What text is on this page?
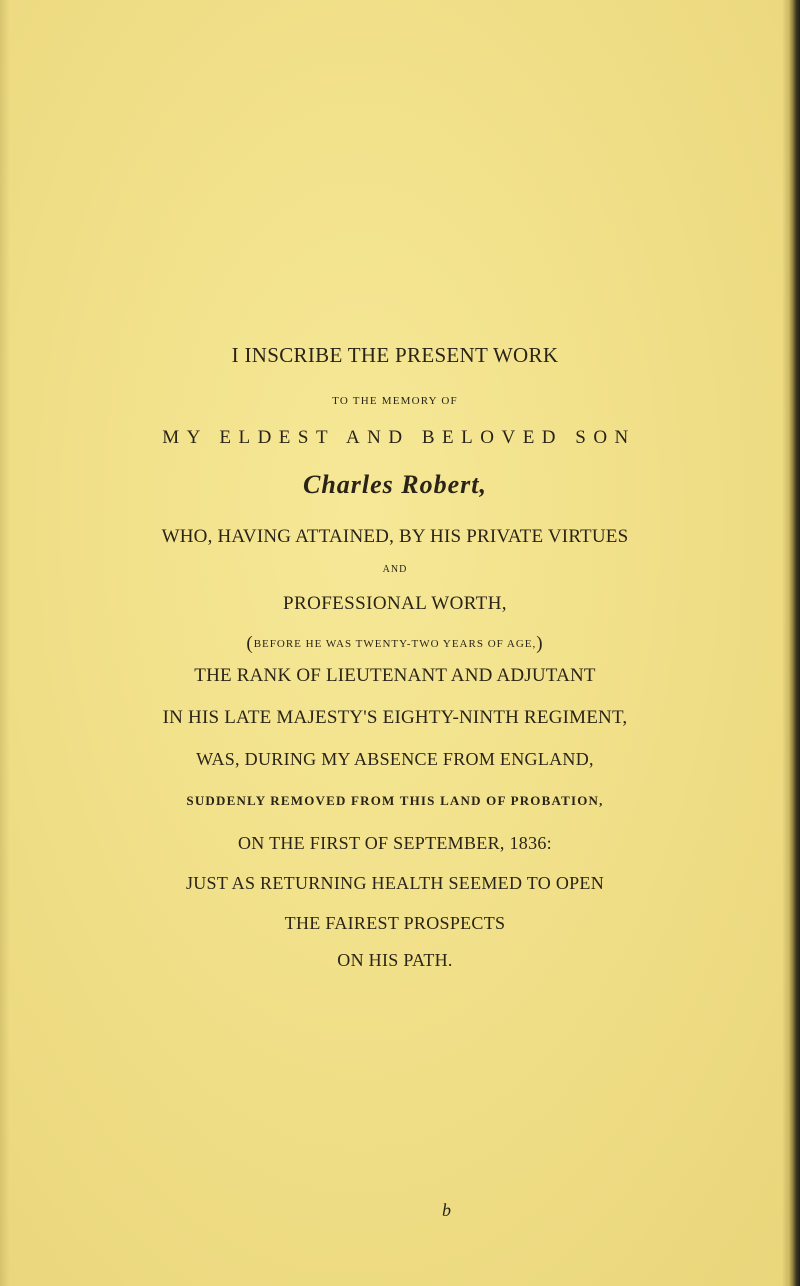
I INSCRIBE THE PRESENT WORK

TO THE MEMORY OF

MY ELDEST AND BELOVED SON

Charles Robert,

WHO, HAVING ATTAINED, BY HIS PRIVATE VIRTUES

AND

PROFESSIONAL WORTH,

(BEFORE HE WAS TWENTY-TWO YEARS OF AGE,)

THE RANK OF LIEUTENANT AND ADJUTANT

IN HIS LATE MAJESTY'S EIGHTY-NINTH REGIMENT,

WAS, DURING MY ABSENCE FROM ENGLAND,

SUDDENLY REMOVED FROM THIS LAND OF PROBATION,

ON THE FIRST OF SEPTEMBER, 1836:

JUST AS RETURNING HEALTH SEEMED TO OPEN

THE FAIREST PROSPECTS

ON HIS PATH.

b
